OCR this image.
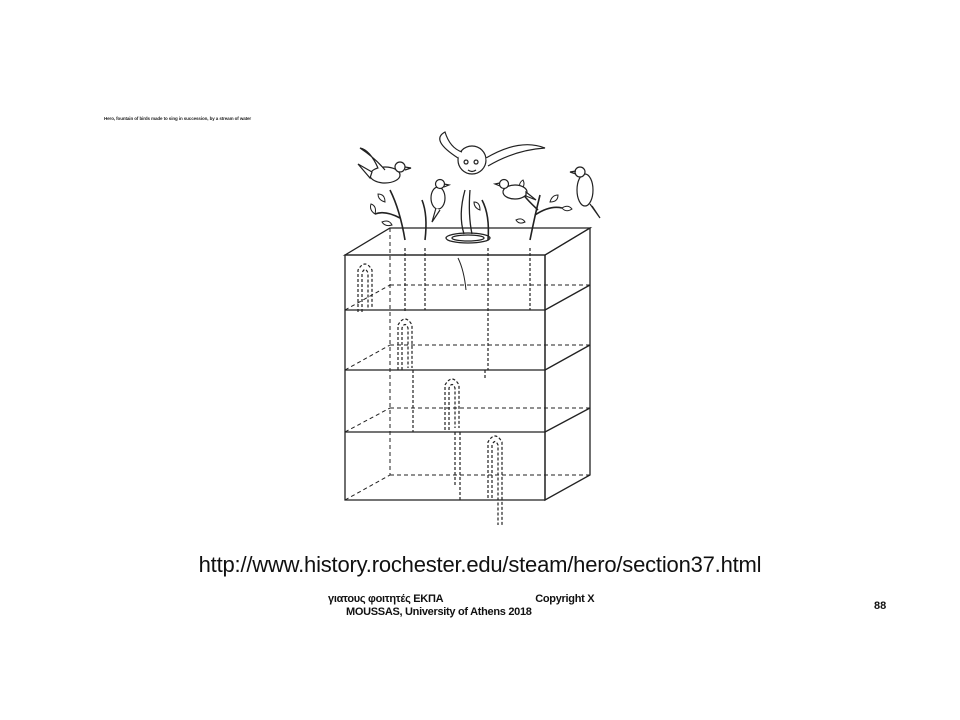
Hero, fountain of birds made to sing in succession, by a stream of water
http://www.history.rochester.edu/steam/hero/section37.html
γιατους φοιτητές ΕΚΠΑ	Copyright X
MOUSSAS, University of Athens 2018	88
